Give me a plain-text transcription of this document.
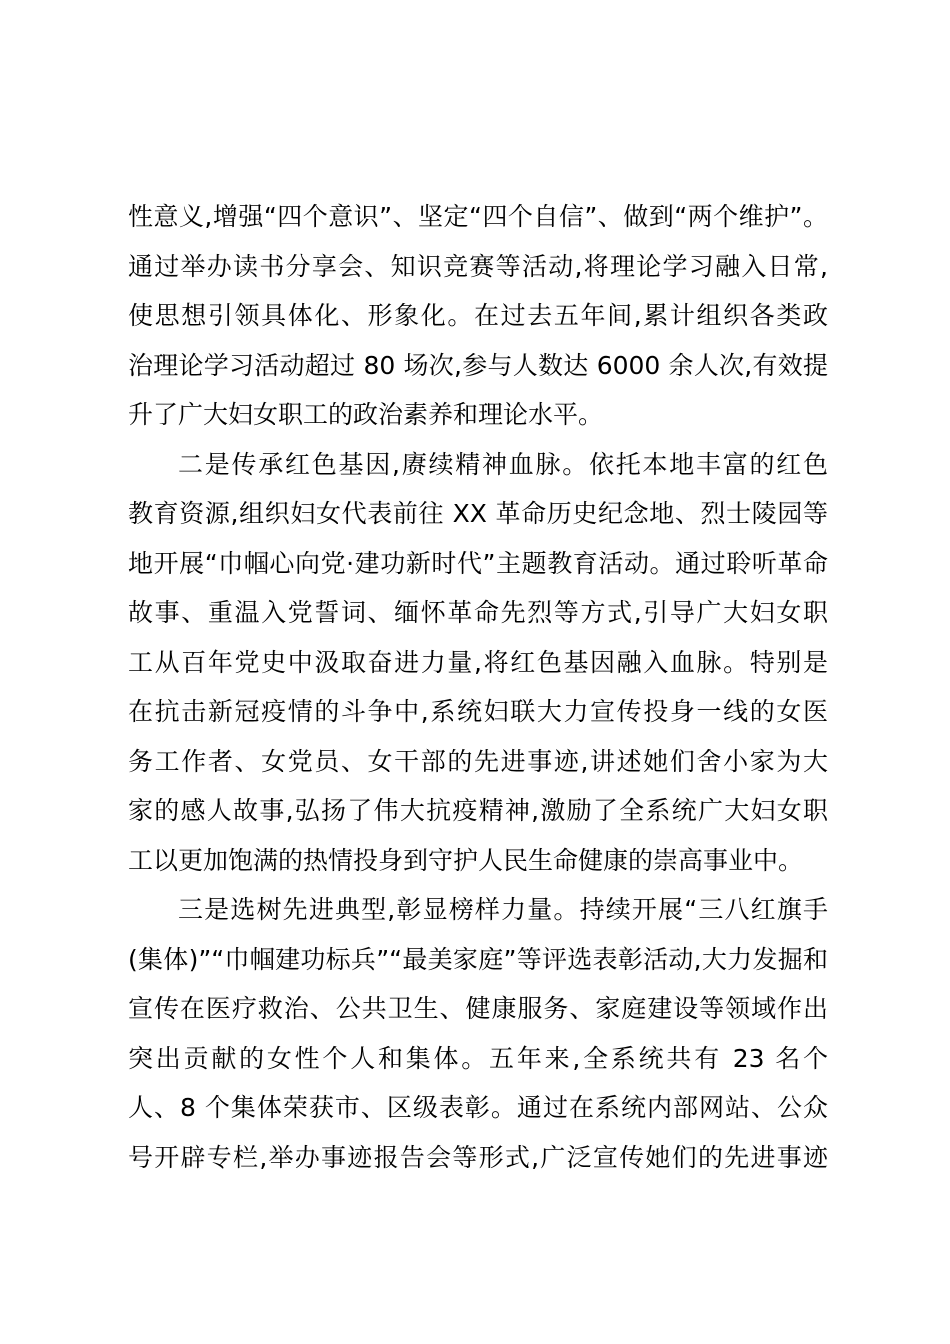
性意义,增强“四个意识”、坚定“四个自信”、做到“两个维护”。
通过举办读书分享会、知识竞赛等活动,将理论学习融入日常,
使思想引领具体化、形象化。在过去五年间,累计组织各类政
治理论学习活动超过 80 场次,参与人数达 6000 余人次,有效提
升了广大妇女职工的政治素养和理论水平。
二是传承红色基因,赓续精神血脉。依托本地丰富的红色
教育资源,组织妇女代表前往 XX 革命历史纪念地、烈士陵园等
地开展“巾帼心向党·建功新时代”主题教育活动。通过聆听革命
故事、重温入党誓词、缅怀革命先烈等方式,引导广大妇女职
工从百年党史中汲取奋进力量,将红色基因融入血脉。特别是
在抗击新冠疫情的斗争中,系统妇联大力宣传投身一线的女医
务工作者、女党员、女干部的先进事迹,讲述她们舍小家为大
家的感人故事,弘扬了伟大抗疫精神,激励了全系统广大妇女职
工以更加饱满的热情投身到守护人民生命健康的崇高事业中。
三是选树先进典型,彰显榜样力量。持续开展“三八红旗手
(集体)”“巾帼建功标兵”“最美家庭”等评选表彰活动,大力发掘和
宣传在医疗救治、公共卫生、健康服务、家庭建设等领域作出
突出贡献的女性个人和集体。五年来,全系统共有 23 名个
人、8 个集体荣获市、区级表彰。通过在系统内部网站、公众
号开辟专栏,举办事迹报告会等形式,广泛宣传她们的先进事迹
